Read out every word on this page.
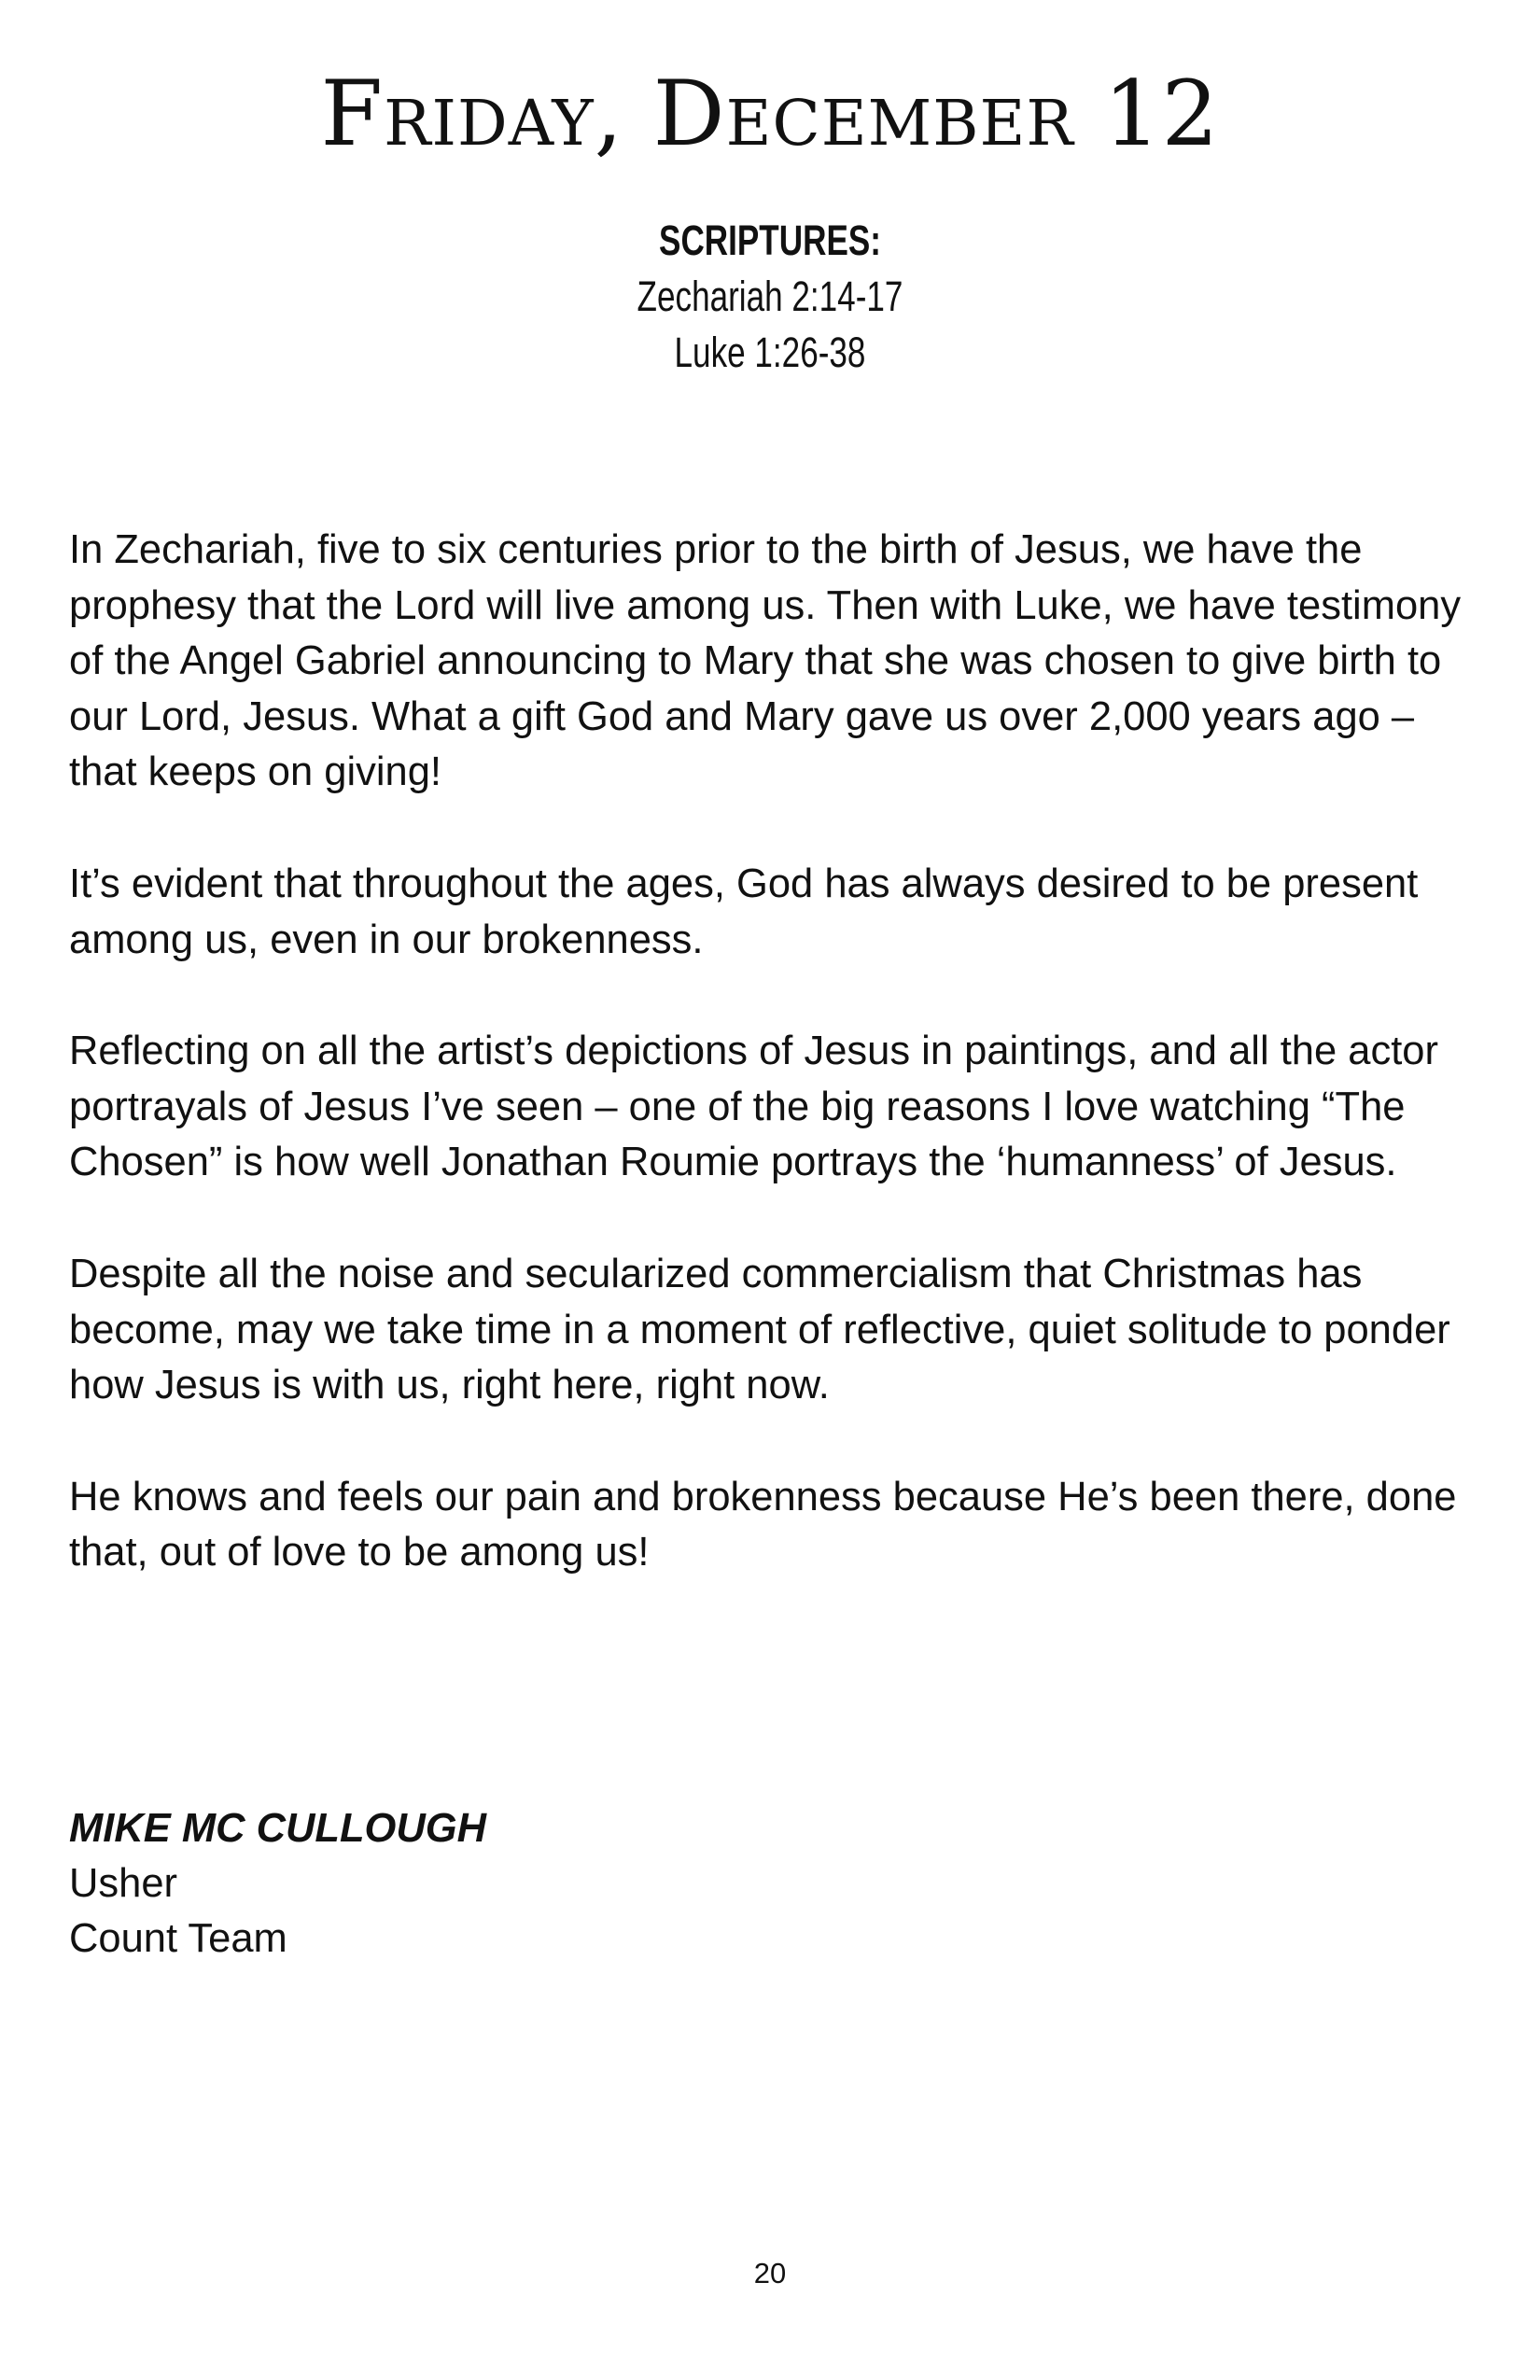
Friday, December 12
SCRIPTURES:
Zechariah 2:14-17
Luke 1:26-38

In Zechariah, five to six centuries prior to the birth of Jesus, we have the prophesy that the Lord will live among us. Then with Luke, we have testimony of the Angel Gabriel announcing to Mary that she was chosen to give birth to our Lord, Jesus. What a gift God and Mary gave us over 2,000 years ago – that keeps on giving!

It’s evident that throughout the ages, God has always desired to be present among us, even in our brokenness.

Reflecting on all the artist’s depictions of Jesus in paintings, and all the actor portrayals of Jesus I’ve seen – one of the big reasons I love watching “The Chosen” is how well Jonathan Roumie portrays the ‘humanness’ of Jesus.

Despite all the noise and secularized commercialism that Christmas has become, may we take time in a moment of reflective, quiet solitude to ponder how Jesus is with us, right here, right now.

He knows and feels our pain and brokenness because He’s been there, done that, out of love to be among us!

MIKE MC CULLOUGH
Usher
Count Team
20
